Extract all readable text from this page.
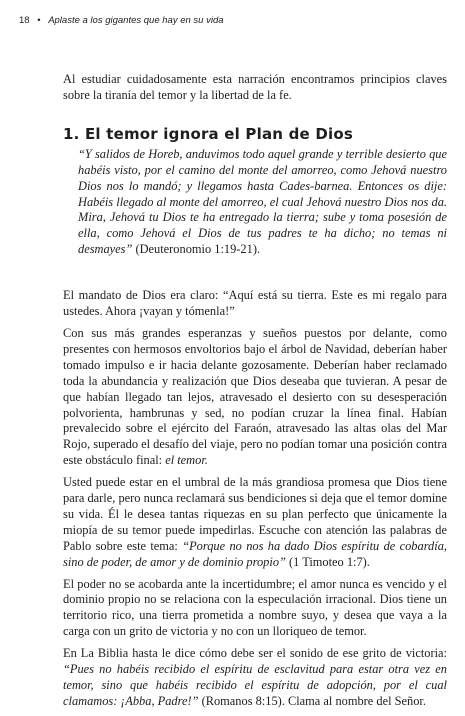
18 • Aplaste a los gigantes que hay en su vida

Al estudiar cuidadosamente esta narración encontramos principios claves sobre la tiranía del temor y la libertad de la fe.

1. El temor ignora el Plan de Dios

“Y salidos de Horeb, anduvimos todo aquel grande y terrible desierto que habéis visto, por el camino del monte del amorreo, como Jehová nuestro Dios nos lo mandó; y llegamos hasta Cades-barnea. Entonces os dije: Habéis llegado al monte del amorreo, el cual Jehová nuestro Dios nos da. Mira, Jehová tu Dios te ha entregado la tierra; sube y toma posesión de ella, como Jehová el Dios de tus padres te ha dicho; no temas ni desmayes” (Deuteronomio 1:19-21).

El mandato de Dios era claro: “Aquí está su tierra. Este es mi regalo para ustedes. Ahora ¡vayan y tómenla!”

Con sus más grandes esperanzas y sueños puestos por delante, como presentes con hermosos envoltorios bajo el árbol de Navidad, deberían haber tomado impulso e ir hacia delante gozosamente. Deberían haber reclamado toda la abundancia y realización que Dios deseaba que tuvieran. A pesar de que habían llegado tan lejos, atravesado el desierto con su desesperación polvorienta, hambrunas y sed, no podían cruzar la línea final. Habían prevalecido sobre el ejército del Faraón, atravesado las altas olas del Mar Rojo, superado el desafío del viaje, pero no podían tomar una posición contra este obstáculo final: el temor.

Usted puede estar en el umbral de la más grandiosa promesa que Dios tiene para darle, pero nunca reclamará sus bendiciones si deja que el temor domine su vida. Él le desea tantas riquezas en su plan perfecto que únicamente la miopía de su temor puede impedirlas. Escuche con atención las palabras de Pablo sobre este tema: “Porque no nos ha dado Dios espíritu de cobardía, sino de poder, de amor y de dominio propio” (1 Timoteo 1:7).

El poder no se acobarda ante la incertidumbre; el amor nunca es vencido y el dominio propio no se relaciona con la especulación irracional. Dios tiene un territorio rico, una tierra prometida a nombre suyo, y desea que vaya a la carga con un grito de victoria y no con un lloriqueo de temor.

En La Biblia hasta le dice cómo debe ser el sonido de ese grito de victoria: “Pues no habéis recibido el espíritu de esclavitud para estar otra vez en temor, sino que habéis recibido el espíritu de adopción, por el cual clamamos: ¡Abba, Padre!” (Romanos 8:15). Clama al nombre del Señor.
